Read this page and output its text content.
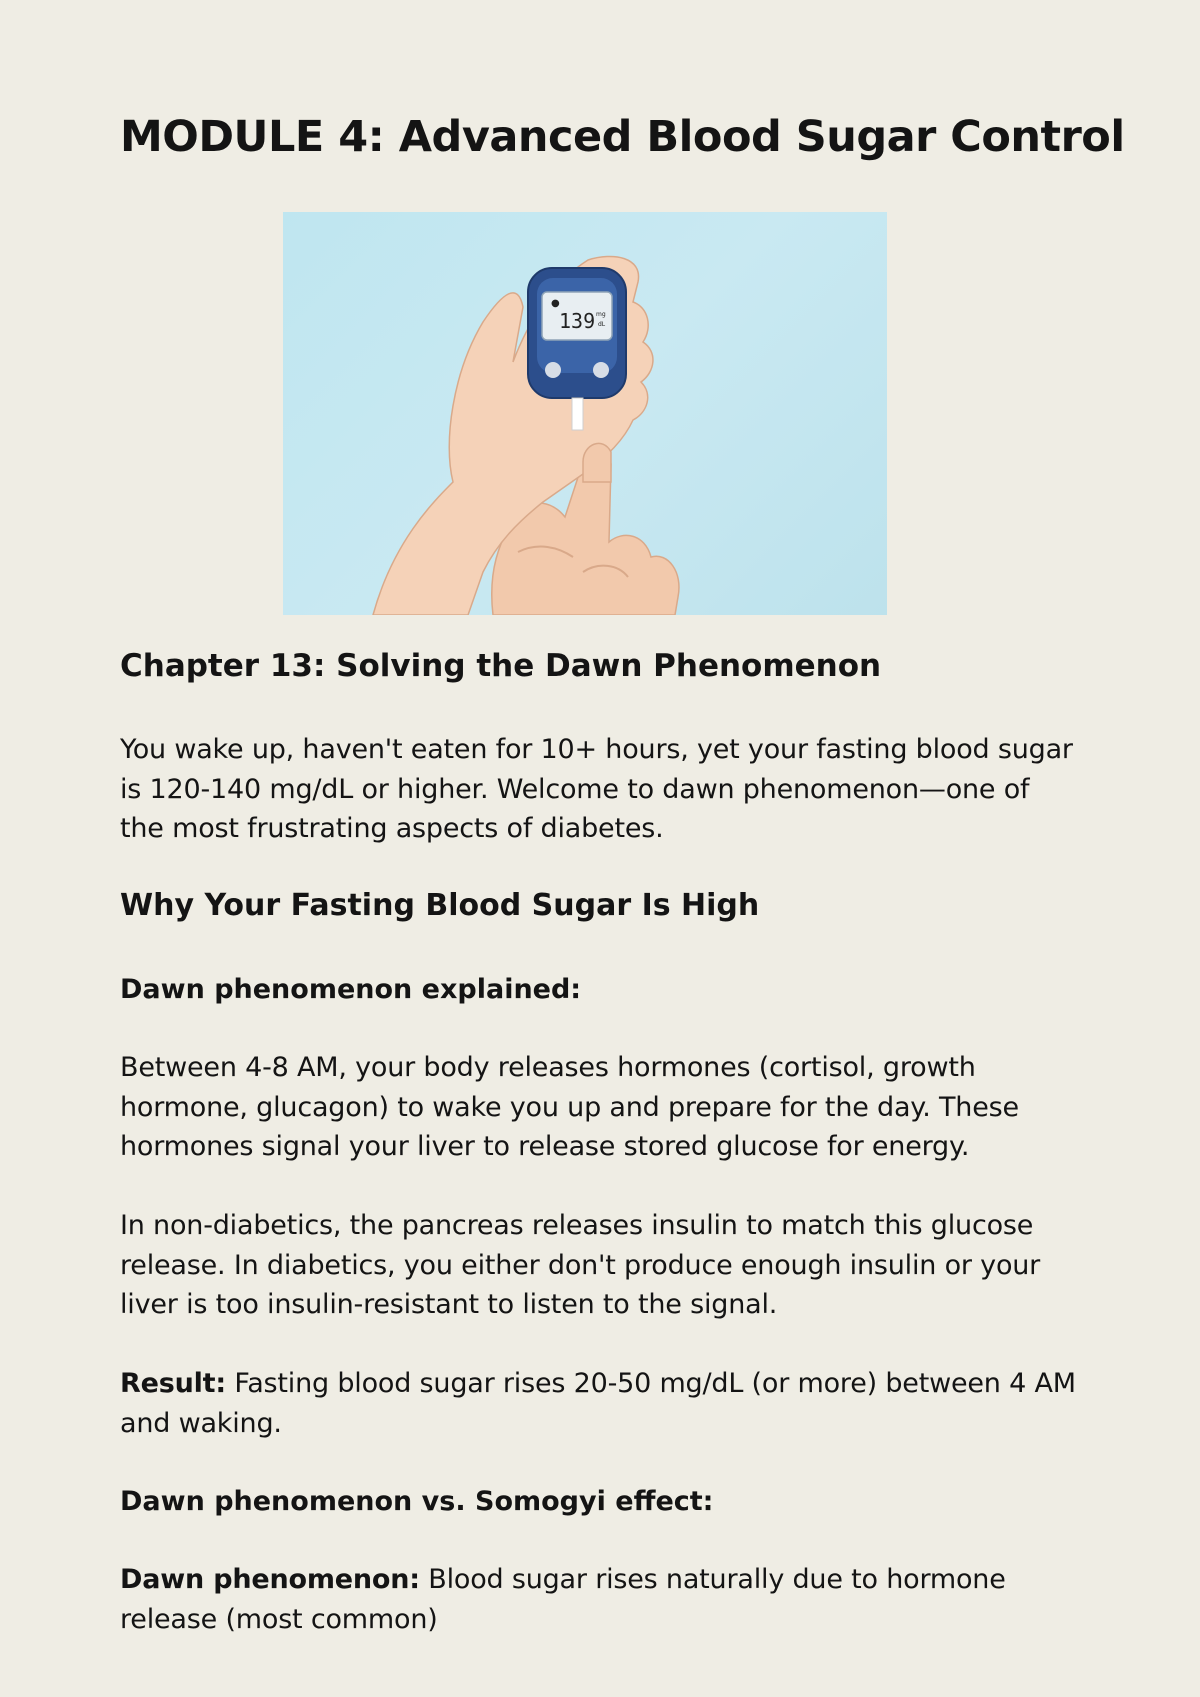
MODULE 4: Advanced Blood Sugar Control
●
139 mg
dL
Chapter 13: Solving the Dawn Phenomenon

You wake up, haven't eaten for 10+ hours, yet your fasting blood sugar is 120-140 mg/dL or higher. Welcome to dawn phenomenon—one of the most frustrating aspects of diabetes.

Why Your Fasting Blood Sugar Is High
Dawn phenomenon explained:

Between 4-8 AM, your body releases hormones (cortisol, growth hormone, glucagon) to wake you up and prepare for the day. These hormones signal your liver to release stored glucose for energy.

In non-diabetics, the pancreas releases insulin to match this glucose release. In diabetics, you either don't produce enough insulin or your liver is too insulin-resistant to listen to the signal.

Result: Fasting blood sugar rises 20-50 mg/dL (or more) between 4 AM and waking.

Dawn phenomenon vs. Somogyi effect:

Dawn phenomenon: Blood sugar rises naturally due to hormone release (most common)
